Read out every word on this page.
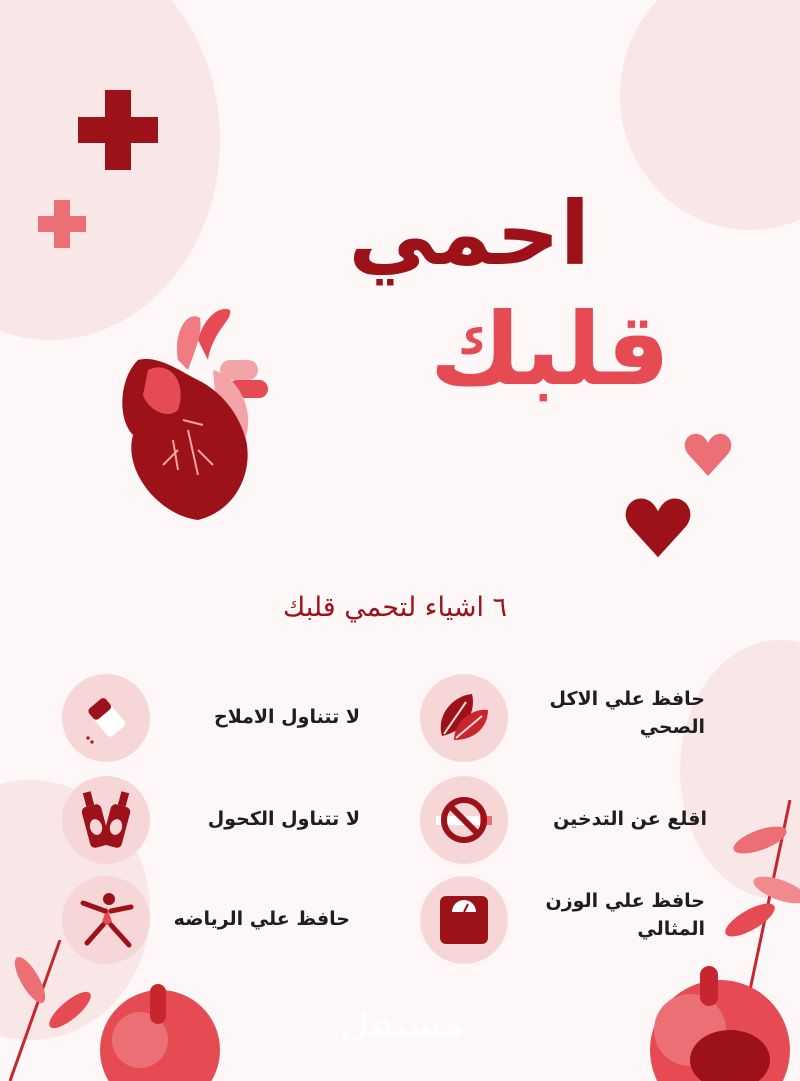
احمي
قلبك
٦ اشياء لتحمي قلبك
لا تتناول الاملاح
لا تتناول الكحول
حافظ علي الرياضه
حافظ علي الاكل الصحي
اقلع عن التدخين
حافظ علي الوزن المثالي
مستقل
mostaql.com
